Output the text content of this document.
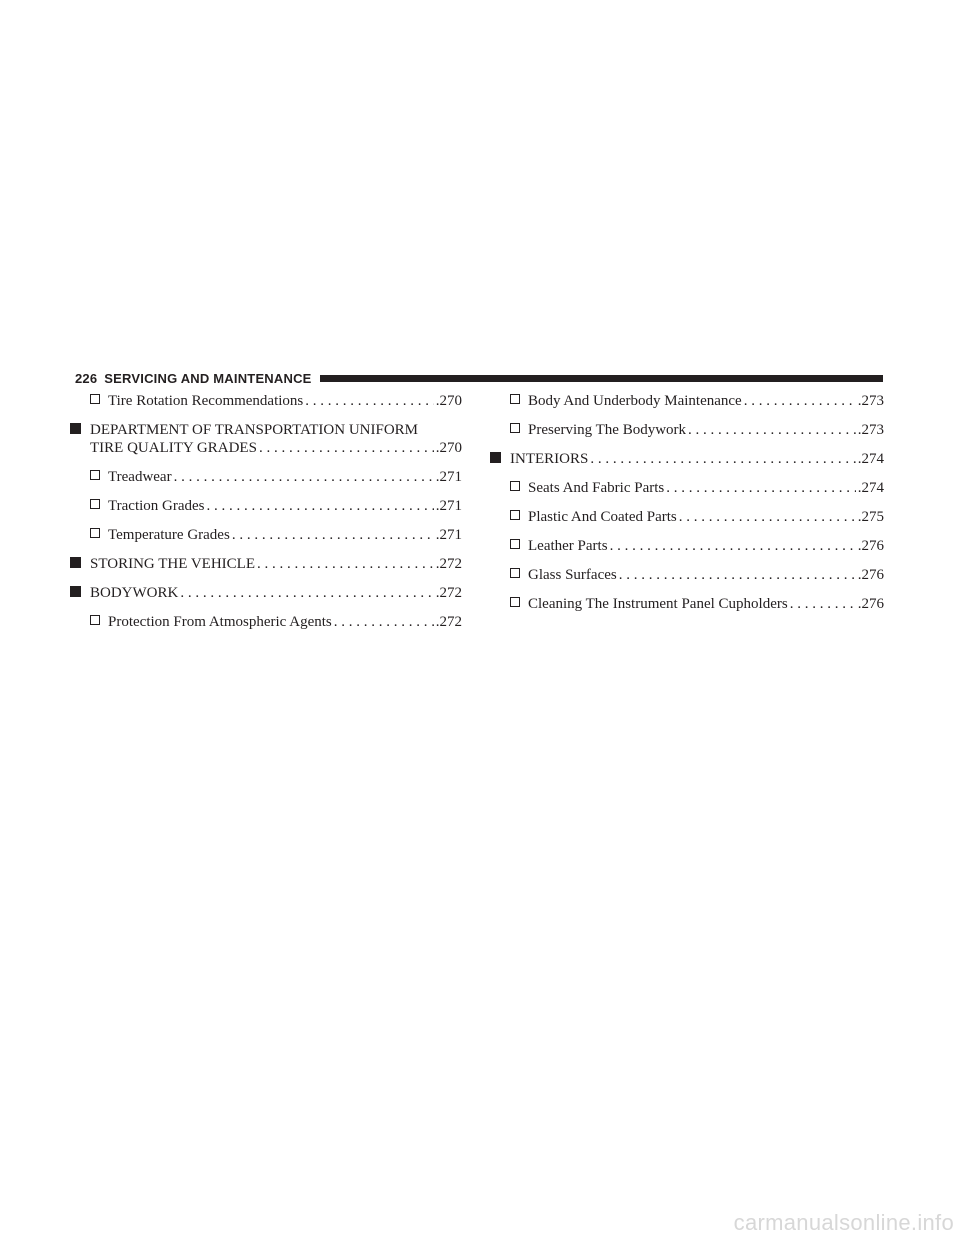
226 SERVICING AND MAINTENANCE
Tire Rotation Recommendations . . .	.270
DEPARTMENT OF TRANSPORTATION UNIFORM
TIRE QUALITY GRADES . . .	.270
Treadwear . . .	.271
Traction Grades . . .	.271
Temperature Grades . . .	.271
STORING THE VEHICLE . . .	.272
BODYWORK . . .	.272
Protection From Atmospheric Agents . . .	.272
Body And Underbody Maintenance . . .	.273
Preserving The Bodywork . . .	.273
INTERIORS . . .	.274
Seats And Fabric Parts . . .	.274
Plastic And Coated Parts . . .	.275
Leather Parts . . .	.276
Glass Surfaces . . .	.276
Cleaning The Instrument Panel Cupholders . . .	.276
carmanualsonline.info
